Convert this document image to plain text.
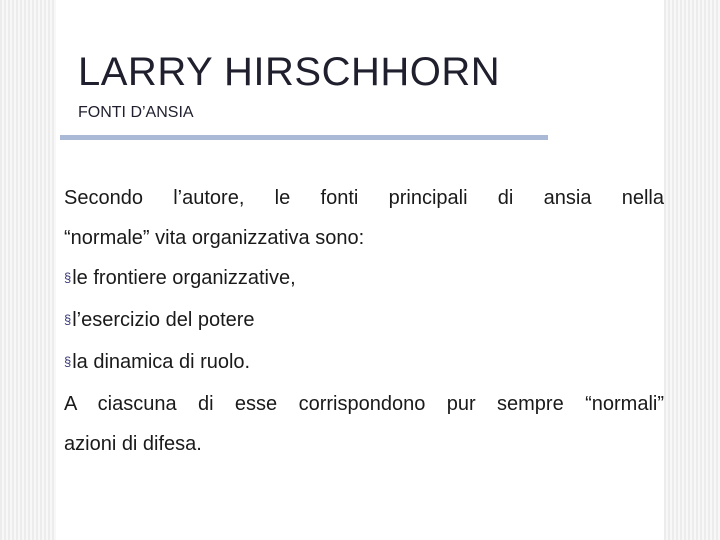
LARRY HIRSCHHORN

FONTI D’ANSIA

Secondo l’autore, le fonti principali di ansia nella

“normale” vita organizzativa sono:

§ le frontiere organizzative,
§ l’esercizio del potere
§ la dinamica di ruolo.

A ciascuna di esse corrispondono pur sempre “normali”

azioni di difesa.
